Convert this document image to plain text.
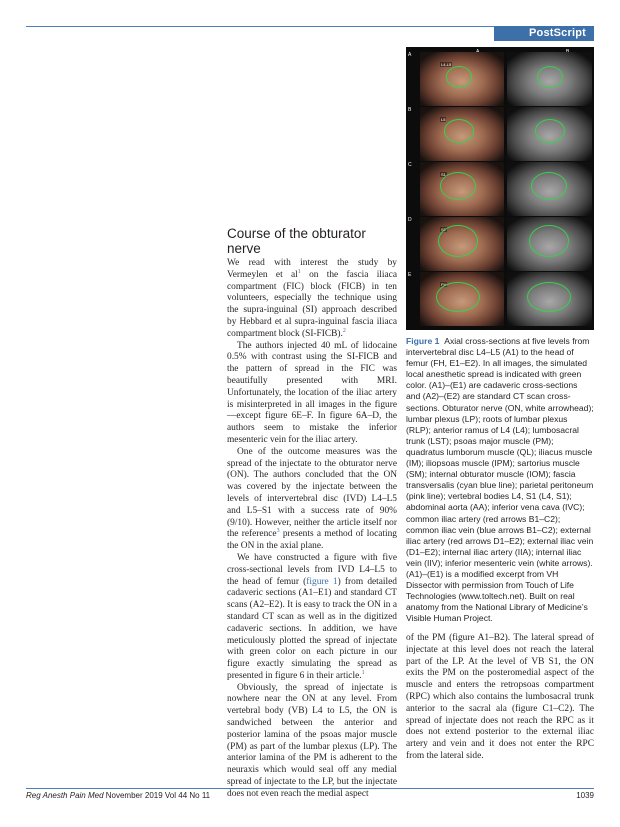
PostScript
A
L4-L5
B
L5
C
S1
D
S2
E
FH
Figure 1 Axial cross-sections at five levels from intervertebral disc L4–L5 (A1) to the head of femur (FH, E1–E2). In all images, the simulated local anesthetic spread is indicated with green color. (A1)–(E1) are cadaveric cross-sections and (A2)–(E2) are standard CT scan cross-sections. Obturator nerve (ON, white arrowhead); lumbar plexus (LP); roots of lumbar plexus (RLP); anterior ramus of L4 (L4); lumbosacral trunk (LST); psoas major muscle (PM); quadratus lumborum muscle (QL); iliacus muscle (IM); iliopsoas muscle (IPM); sartorius muscle (SM); internal obturator muscle (IOM); fascia transversalis (cyan blue line); parietal peritoneum (pink line); vertebral bodies L4, S1 (L4, S1); abdominal aorta (AA); inferior vena cava (IVC); common iliac artery (red arrows B1–C2); common iliac vein (blue arrows B1–C2); external iliac artery (red arrows D1–E2); external iliac vein (D1–E2); internal iliac artery (IIA); internal iliac vein (IIV); inferior mesenteric vein (white arrows). (A1)–(E1) is a modified excerpt from VH Dissector with permission from Touch of Life Technologies (www.toltech.net). Built on real anatomy from the National Library of Medicine’s Visible Human Project.
Course of the obturator nerve

We read with interest the study by Vermeylen et $al^1$ on the fascia iliaca compartment (FIC) block (FICB) in ten volunteers, especially the technique using the supra-inguinal (SI) approach described by Hebbard et al supra-inguinal fascia iliaca compartment block (SI-FICB).$^2$

The authors injected 40 mL of lidocaine 0.5% with contrast using the SI-FICB and the pattern of spread in the FIC was beautifully presented with MRI. Unfortunately, the location of the iliac artery is misinterpreted in all images in the figure—except figure 6E–F. In figure 6A–D, the authors seem to mistake the inferior mesenteric vein for the iliac artery.

One of the outcome measures was the spread of the injectate to the obturator nerve (ON). The authors concluded that the ON was covered by the injectate between the levels of intervertebral disc (IVD) L4–L5 and L5–S1 with a success rate of 90% (9/10). However, neither the article itself nor the reference$^3$ presents a method of locating the ON in the axial plane.

We have constructed a figure with five cross-sectional levels from IVD L4–L5 to the head of femur (figure 1) from detailed cadaveric sections (A1–E1) and standard CT scans (A2–E2). It is easy to track the ON in a standard CT scan as well as in the digitized cadaveric sections. In addition, we have meticulously plotted the spread of injectate with green color on each picture in our figure exactly simulating the spread as presented in figure 6 in their article.$^1$

Obviously, the spread of injectate is nowhere near the ON at any level. From vertebral body (VB) L4 to L5, the ON is sandwiched between the anterior and posterior lamina of the psoas major muscle (PM) as part of the lumbar plexus (LP). The anterior lamina of the PM is adherent to the neuraxis which would seal off any medial spread of injectate to the LP, but the injectate does not even reach the medial aspect

of the PM (figure A1–B2). The lateral spread of injectate at this level does not reach the lateral part of the LP. At the level of VB S1, the ON exits the PM on the posteromedial aspect of the muscle and enters the retropsoas compartment (RPC) which also contains the lumbosacral trunk anterior to the sacral ala (figure C1–C2). The spread of injectate does not reach the RPC as it does not extend posterior to the external iliac artery and vein and it does not enter the RPC from the lateral side.

Reg Anesth Pain Med November 2019 Vol 44 No 11	1039
